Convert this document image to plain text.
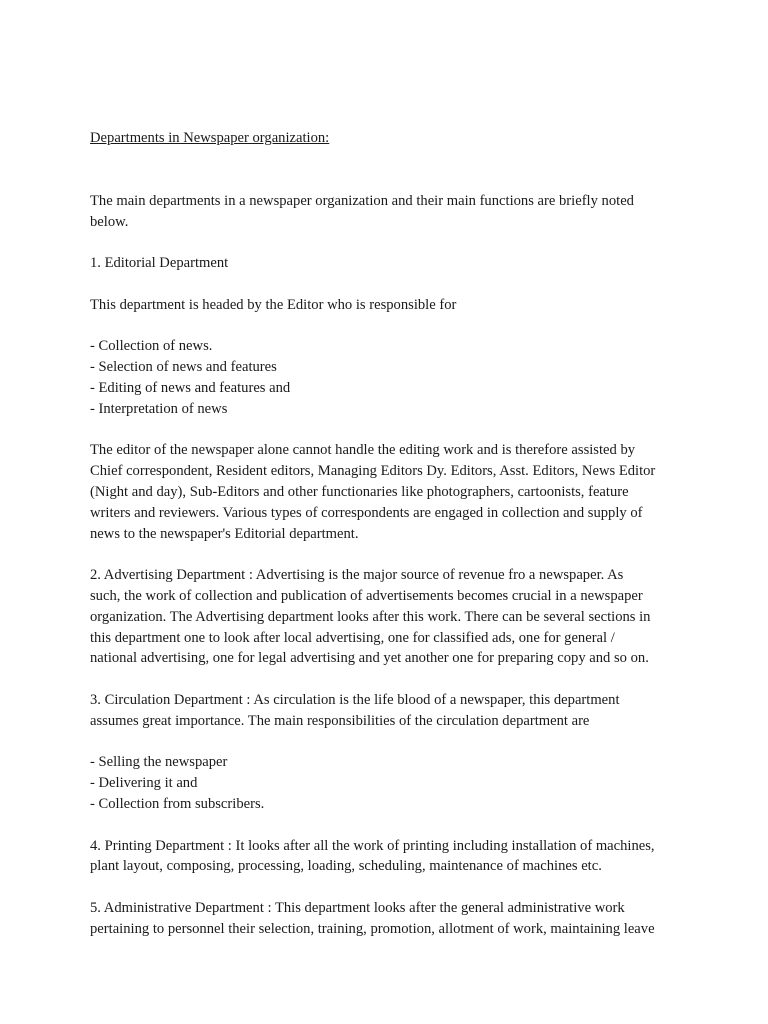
Departments in Newspaper organization:

The main departments in a newspaper organization and their main functions are briefly noted
below.

1. Editorial Department

This department is headed by the Editor who is responsible for

- Collection of news.
- Selection of news and features
- Editing of news and features and
- Interpretation of news

The editor of the newspaper alone cannot handle the editing work and is therefore assisted by
Chief correspondent, Resident editors, Managing Editors Dy. Editors, Asst. Editors, News Editor
(Night and day), Sub-Editors and other functionaries like photographers, cartoonists, feature
writers and reviewers. Various types of correspondents are engaged in collection and supply of
news to the newspaper's Editorial department.

2. Advertising Department : Advertising is the major source of revenue fro a newspaper. As
such, the work of collection and publication of advertisements becomes crucial in a newspaper
organization. The Advertising department looks after this work. There can be several sections in
this department one to look after local advertising, one for classified ads, one for general /
national advertising, one for legal advertising and yet another one for preparing copy and so on.

3. Circulation Department : As circulation is the life blood of a newspaper, this department
assumes great importance. The main responsibilities of the circulation department are

- Selling the newspaper
- Delivering it and
- Collection from subscribers.

4. Printing Department : It looks after all the work of printing including installation of machines,
plant layout, composing, processing, loading, scheduling, maintenance of machines etc.

5. Administrative Department : This department looks after the general administrative work
pertaining to personnel their selection, training, promotion, allotment of work, maintaining leave
